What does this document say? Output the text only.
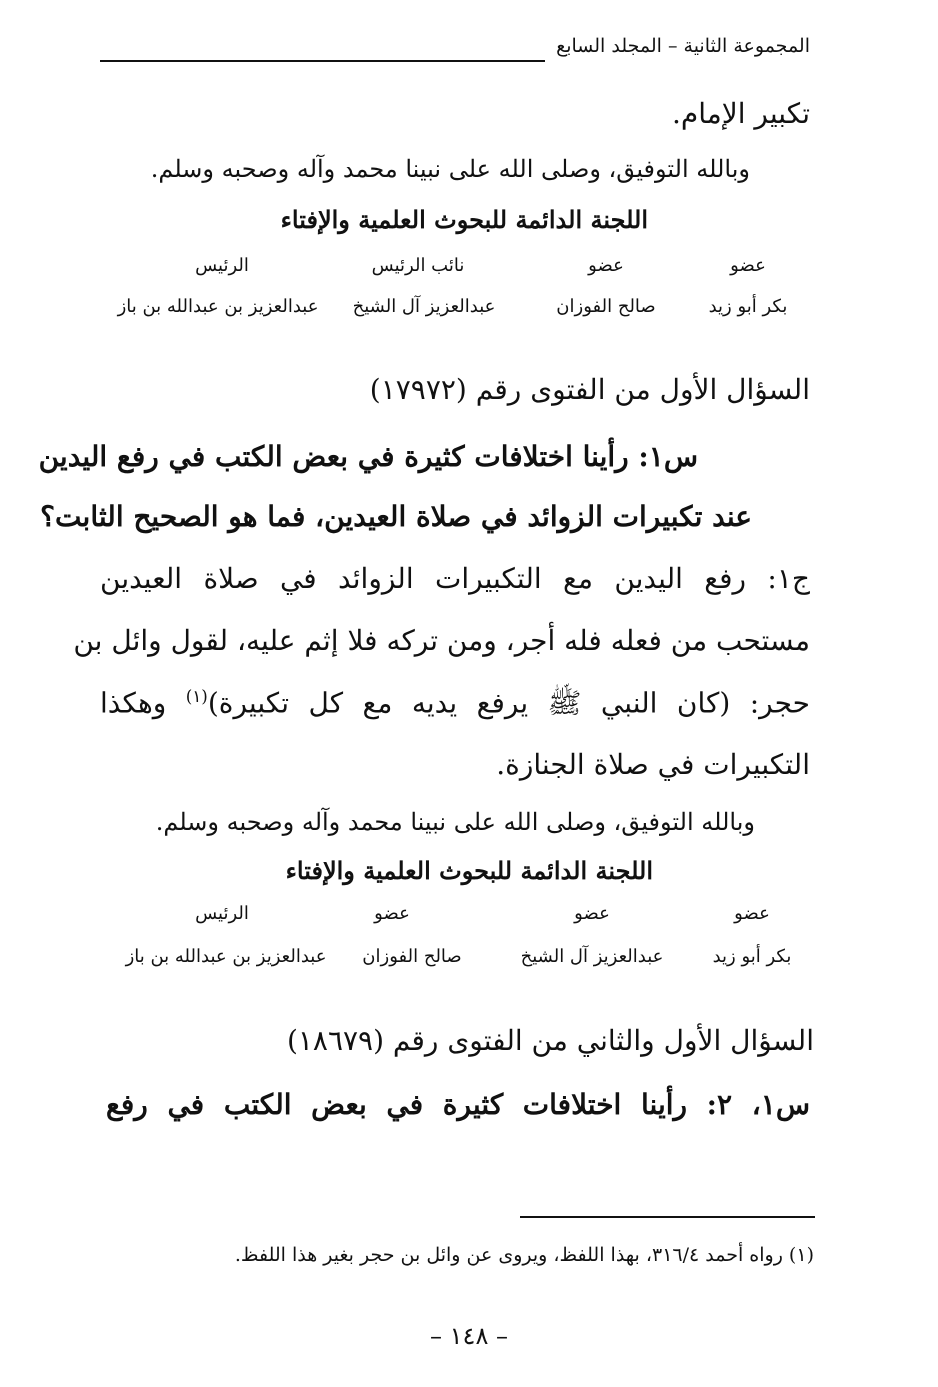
المجموعة الثانية – المجلد السابع
تكبير الإمام.
وبالله التوفيق، وصلى الله على نبينا محمد وآله وصحبه وسلم.
اللجنة الدائمة للبحوث العلمية والإفتاء
عضو
عضو
نائب الرئيس
الرئيس
بكر أبو زيد
صالح الفوزان
عبدالعزيز آل الشيخ
عبدالعزيز بن عبدالله بن باز
السؤال الأول من الفتوى رقم (١٧٩٧٢)
س١: رأينا اختلافات كثيرة في بعض الكتب في رفع اليدين
عند تكبيرات الزوائد في صلاة العيدين، فما هو الصحيح الثابت؟
ج١: رفع اليدين مع التكبيرات الزوائد في صلاة العيدين
مستحب من فعله فله أجر، ومن تركه فلا إثم عليه، لقول وائل بن
حجر: (كان النبي ﷺ يرفع يديه مع كل تكبيرة)$^{(١)}$ وهكذا
التكبيرات في صلاة الجنازة.
وبالله التوفيق، وصلى الله على نبينا محمد وآله وصحبه وسلم.
اللجنة الدائمة للبحوث العلمية والإفتاء
عضو
عضو
عضو
الرئيس
بكر أبو زيد
عبدالعزيز آل الشيخ
صالح الفوزان
عبدالعزيز بن عبدالله بن باز
السؤال الأول والثاني من الفتوى رقم (١٨٦٧٩)
س١، ٢: رأينا اختلافات كثيرة في بعض الكتب في رفع
(١) رواه أحمد ٣١٦/٤، بهذا اللفظ، ويروى عن وائل بن حجر بغير هذا اللفظ.
– ١٤٨ –
